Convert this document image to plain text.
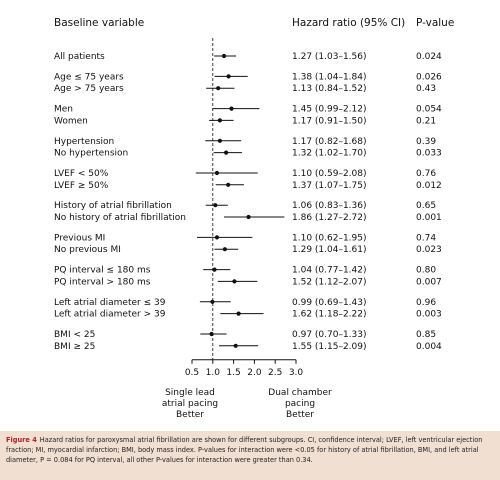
Baseline variable	Hazard ratio (95% CI) P-value
All patients	1.27 (1.03–1.56)	0.024
Age ≤ 75 years	1.38 (1.04–1.84)	0.026
Age > 75 years	1.13 (0.84–1.52)	0.43
Men	1.45 (0.99–2.12)	0.054
Women	1.17 (0.91–1.50)	0.21
Hypertension	1.17 (0.82–1.68)	0.39
No hypertension	1.32 (1.02–1.70)	0.033
LVEF < 50%	1.10 (0.59–2.08)	0.76
LVEF ≥ 50%	1.37 (1.07–1.75)	0.012
History of atrial fibrillation	1.06 (0.83–1.36)	0.65
No history of atrial fibrillation	1.86 (1.27–2.72)	0.001
Previous MI	1.10 (0.62–1.95)	0.74
No previous MI	1.29 (1.04–1.61)	0.023
PQ interval ≤ 180 ms	1.04 (0.77–1.42)	0.80
PQ interval > 180 ms	1.52 (1.12–2.07)	0.007
Left atrial diameter ≤ 39	0.99 (0.69–1.43)	0.96
Left atrial diameter > 39	1.62 (1.18–2.22)	0.003
BMI < 25	0.97 (0.70–1.33)	0.85
BMI ≥ 25	1.55 (1.15–2.09)	0.004
0.5 1.0 1.5 2.0 2.5 3.0
Single lead
atrial pacing
Better
Dual chamber
pacing
Better
Figure 4 Hazard ratios for paroxysmal atrial fibrillation are shown for different subgroups. CI, confidence interval; LVEF, left ventricular ejection fraction; MI, myocardial infarction; BMI, body mass index. P-values for interaction were <0.05 for history of atrial fibrillation, BMI, and left atrial diameter, P = 0.084 for PQ interval, all other P-values for interaction were greater than 0.34.
